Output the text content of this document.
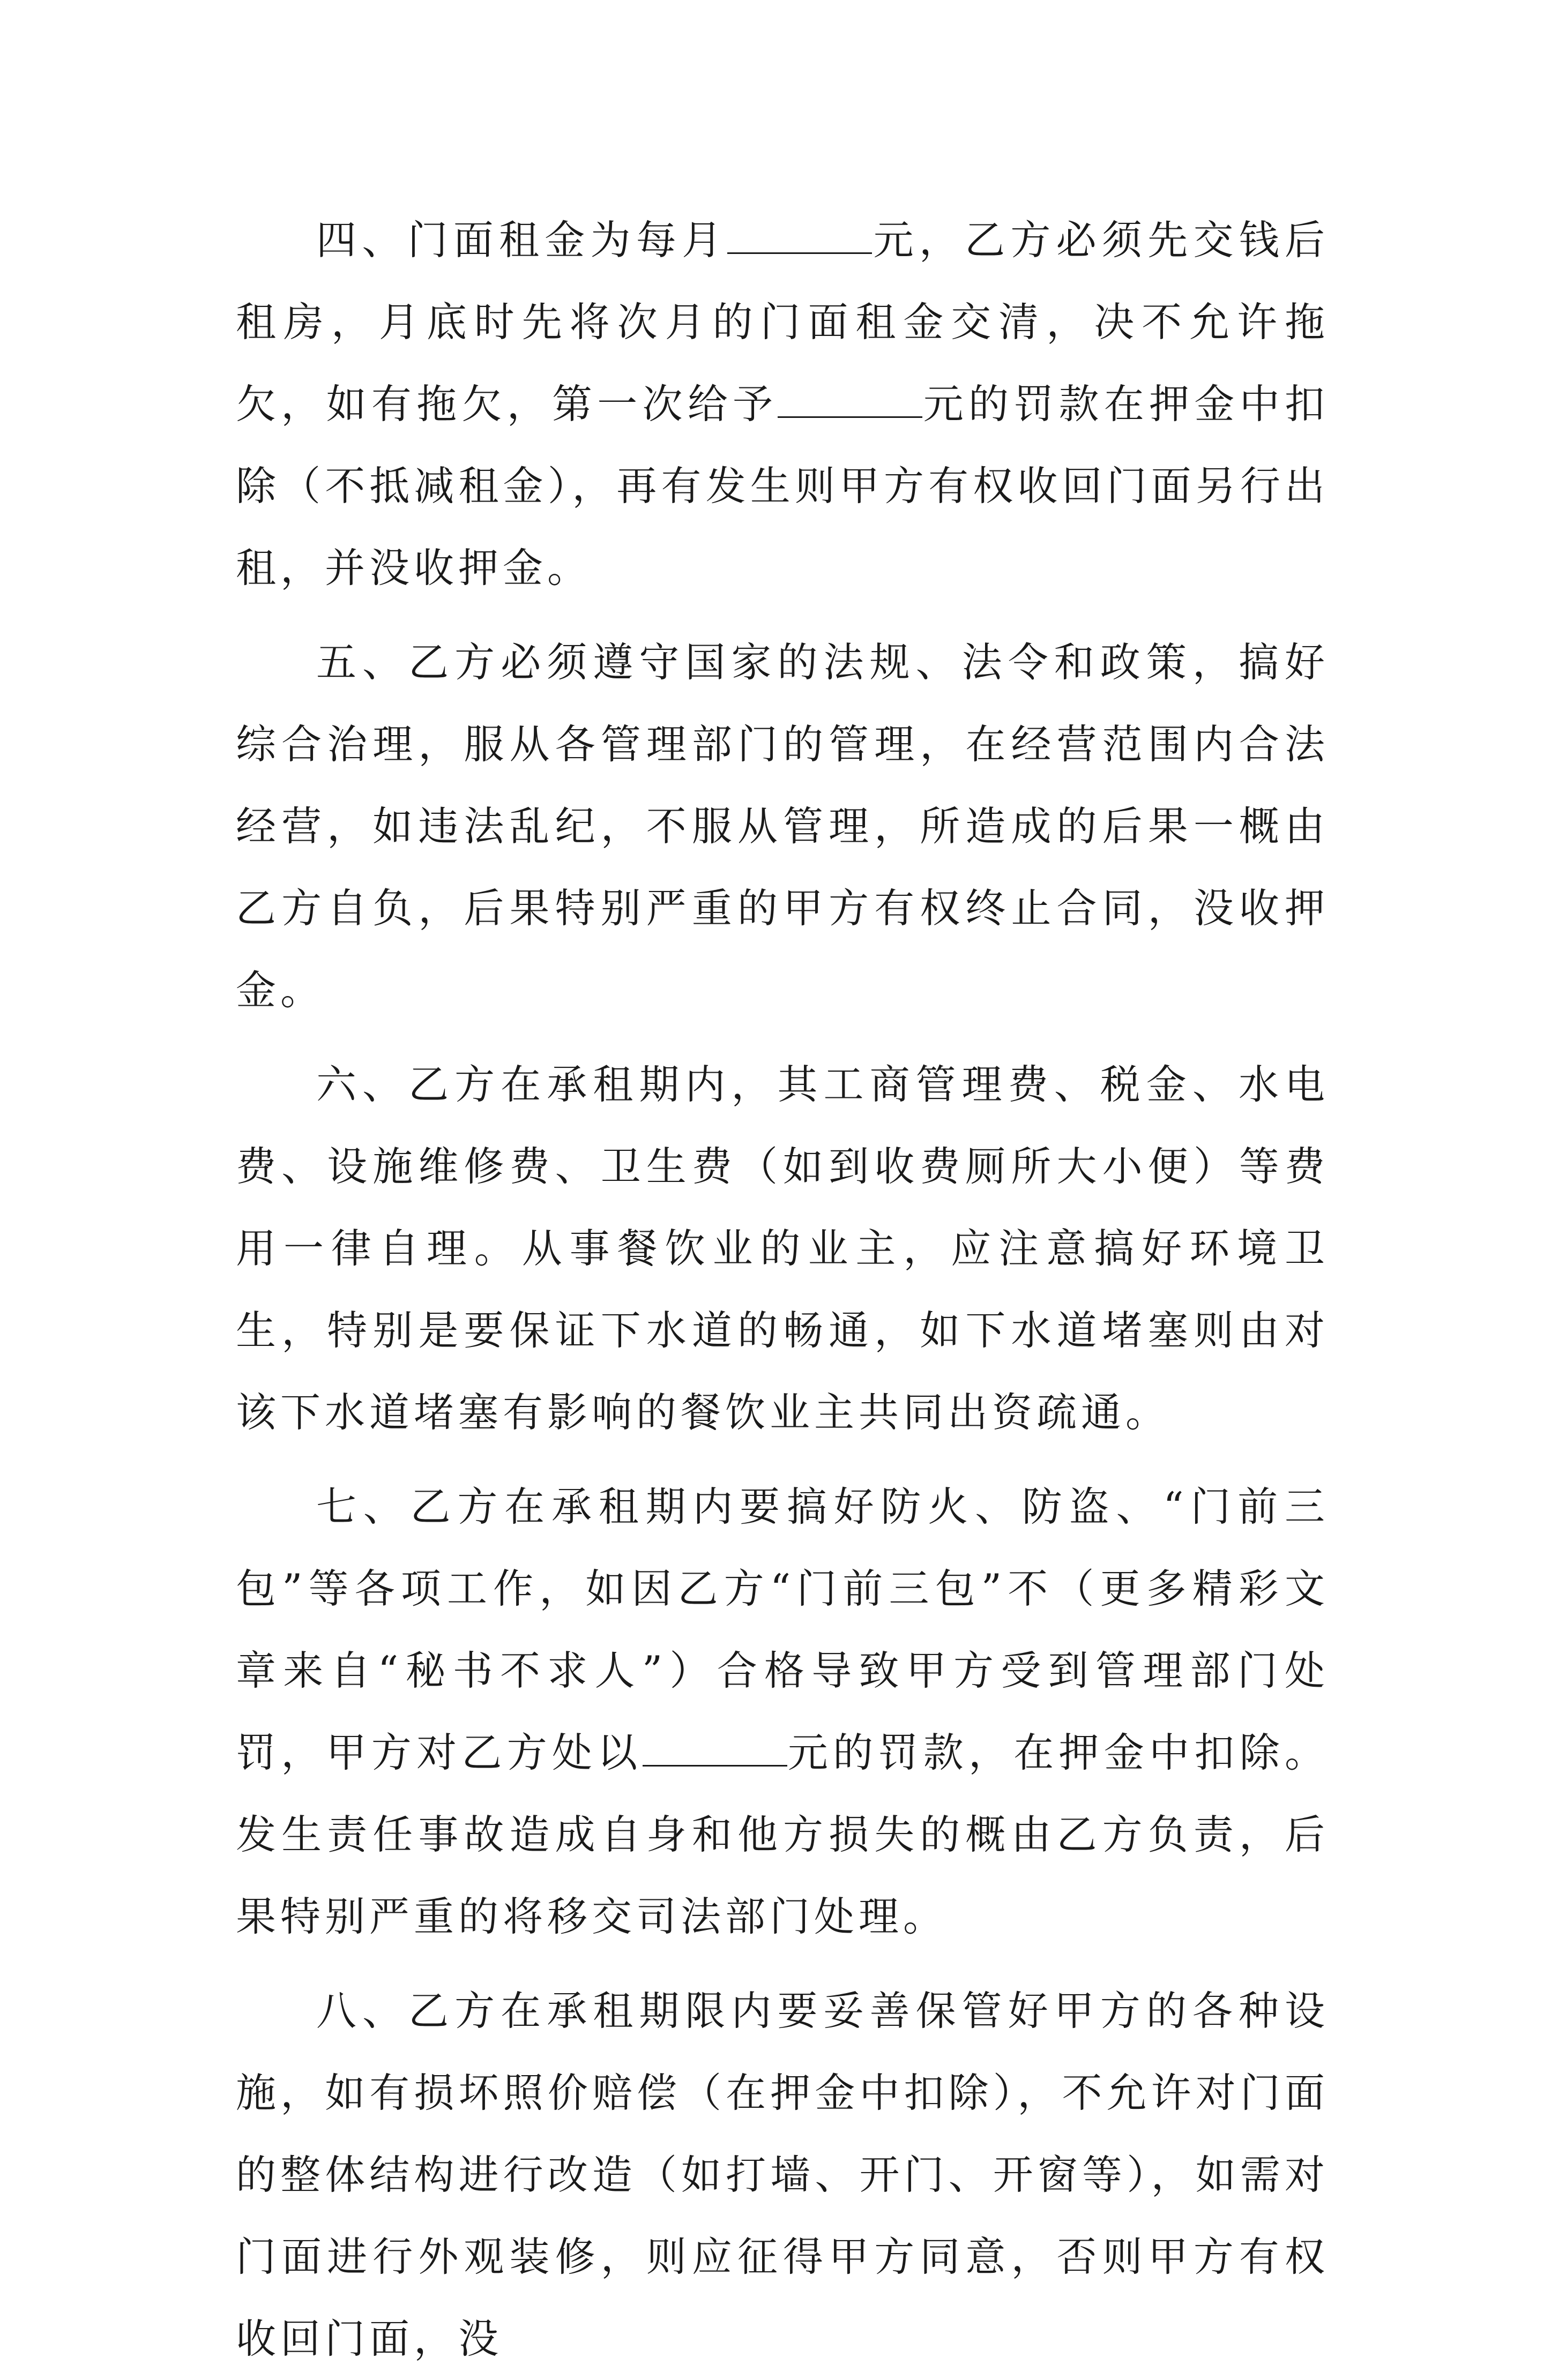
四、门面租金为每月	元，乙方必须先交钱后租房，月底时先将次月的门面租金交清，决不允许拖欠，如有拖欠，第一次给予	元的罚款在押金中扣除（不抵减租金），再有发生则甲方有权收回门面另行出租，并没收押金。

五、乙方必须遵守国家的法规、法令和政策，搞好综合治理，服从各管理部门的管理，在经营范围内合法经营，如违法乱纪，不服从管理，所造成的后果一概由乙方自负，后果特别严重的甲方有权终止合同，没收押金。

六、乙方在承租期内，其工商管理费、税金、水电费、设施维修费、卫生费（如到收费厕所大小便）等费用一律自理。从事餐饮业的业主，应注意搞好环境卫生，特别是要保证下水道的畅通，如下水道堵塞则由对该下水道堵塞有影响的餐饮业主共同出资疏通。

七、乙方在承租期内要搞好防火、防盗、“门前三包”等各项工作，如因乙方“门前三包”不（更多精彩文章来自“秘书不求人”）合格导致甲方受到管理部门处罚，甲方对乙方处以	元的罚款，在押金中扣除。发生责任事故造成自身和他方损失的概由乙方负责，后果特别严重的将移交司法部门处理。

八、乙方在承租期限内要妥善保管好甲方的各种设施，如有损坏照价赔偿（在押金中扣除），不允许对门面的整体结构进行改造（如打墙、开门、开窗等），如需对门面进行外观装修，则应征得甲方同意，否则甲方有权收回门面，没
